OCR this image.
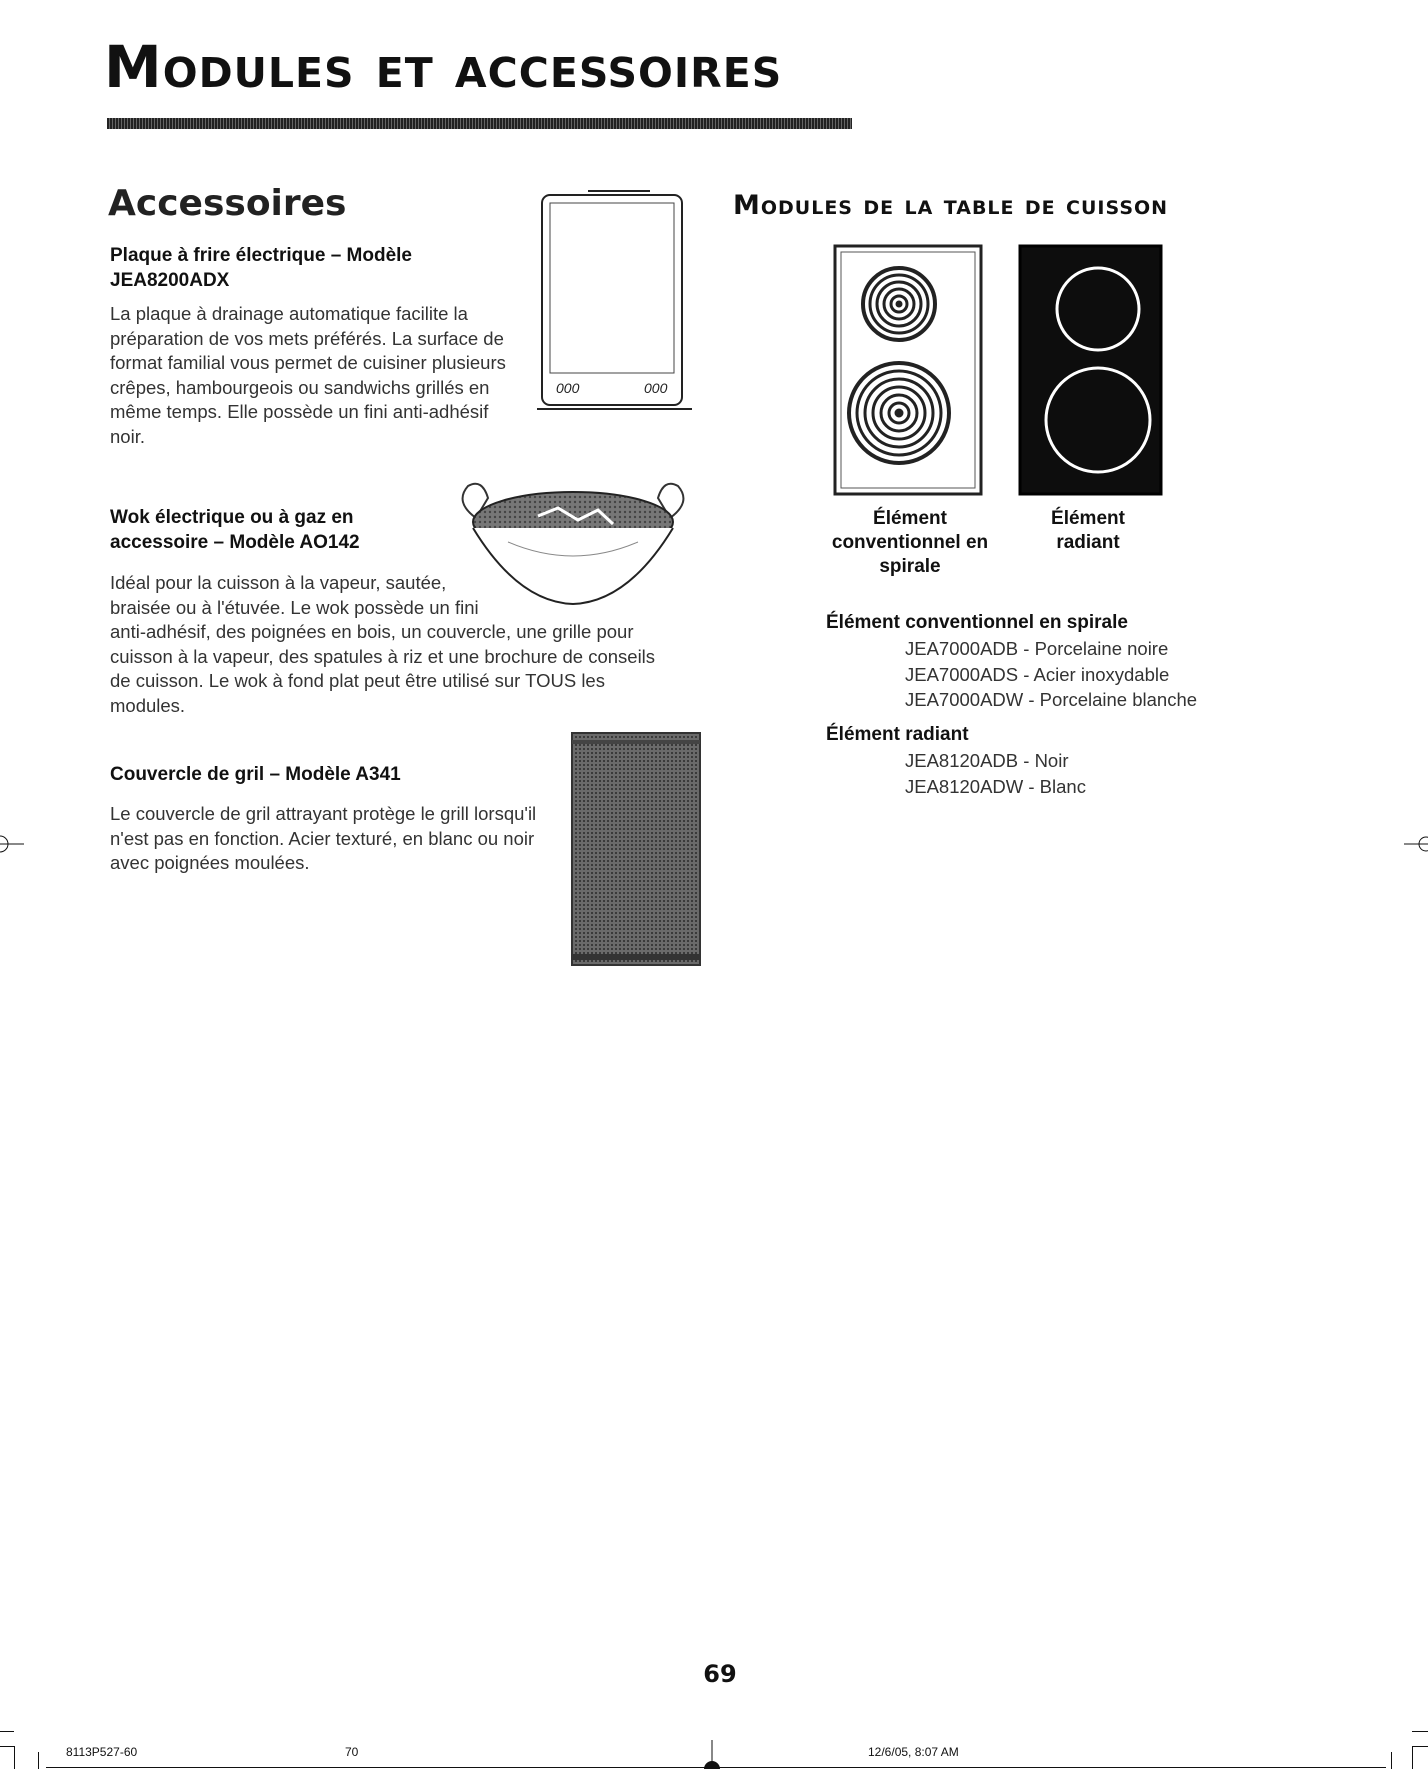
Modules et accessoires
Accessoires
Plaque à frire électrique – Modèle JEA8200ADX

La plaque à drainage automatique facilite la préparation de vos mets préférés. La surface de format familial vous permet de cuisiner plusieurs crêpes, hambourgeois ou sandwichs grillés en même temps. Elle possède un fini anti-adhésif noir.

000	000
Wok électrique ou à gaz en accessoire – Modèle AO142

Idéal pour la cuisson à la vapeur, sautée, braisée ou à l'étuvée. Le wok possède un fini

anti-adhésif, des poignées en bois, un couvercle, une grille pour cuisson à la vapeur, des spatules à riz et une brochure de conseils de cuisson. Le wok à fond plat peut être utilisé sur TOUS les modules.

Couvercle de gril – Modèle A341

Le couvercle de gril attrayant protège le grill lorsqu'il n'est pas en fonction. Acier texturé, en blanc ou noir avec poignées moulées.

Modules de la table de cuisson
Élément conventionnel en spirale
Élément radiant
Élément conventionnel en spirale
JEA7000ADB - Porcelaine noire
JEA7000ADS - Acier inoxydable
JEA7000ADW - Porcelaine blanche
Élément radiant
JEA8120ADB - Noir
JEA8120ADW - Blanc
69
8113P527-60	70	12/6/05, 8:07 AM
